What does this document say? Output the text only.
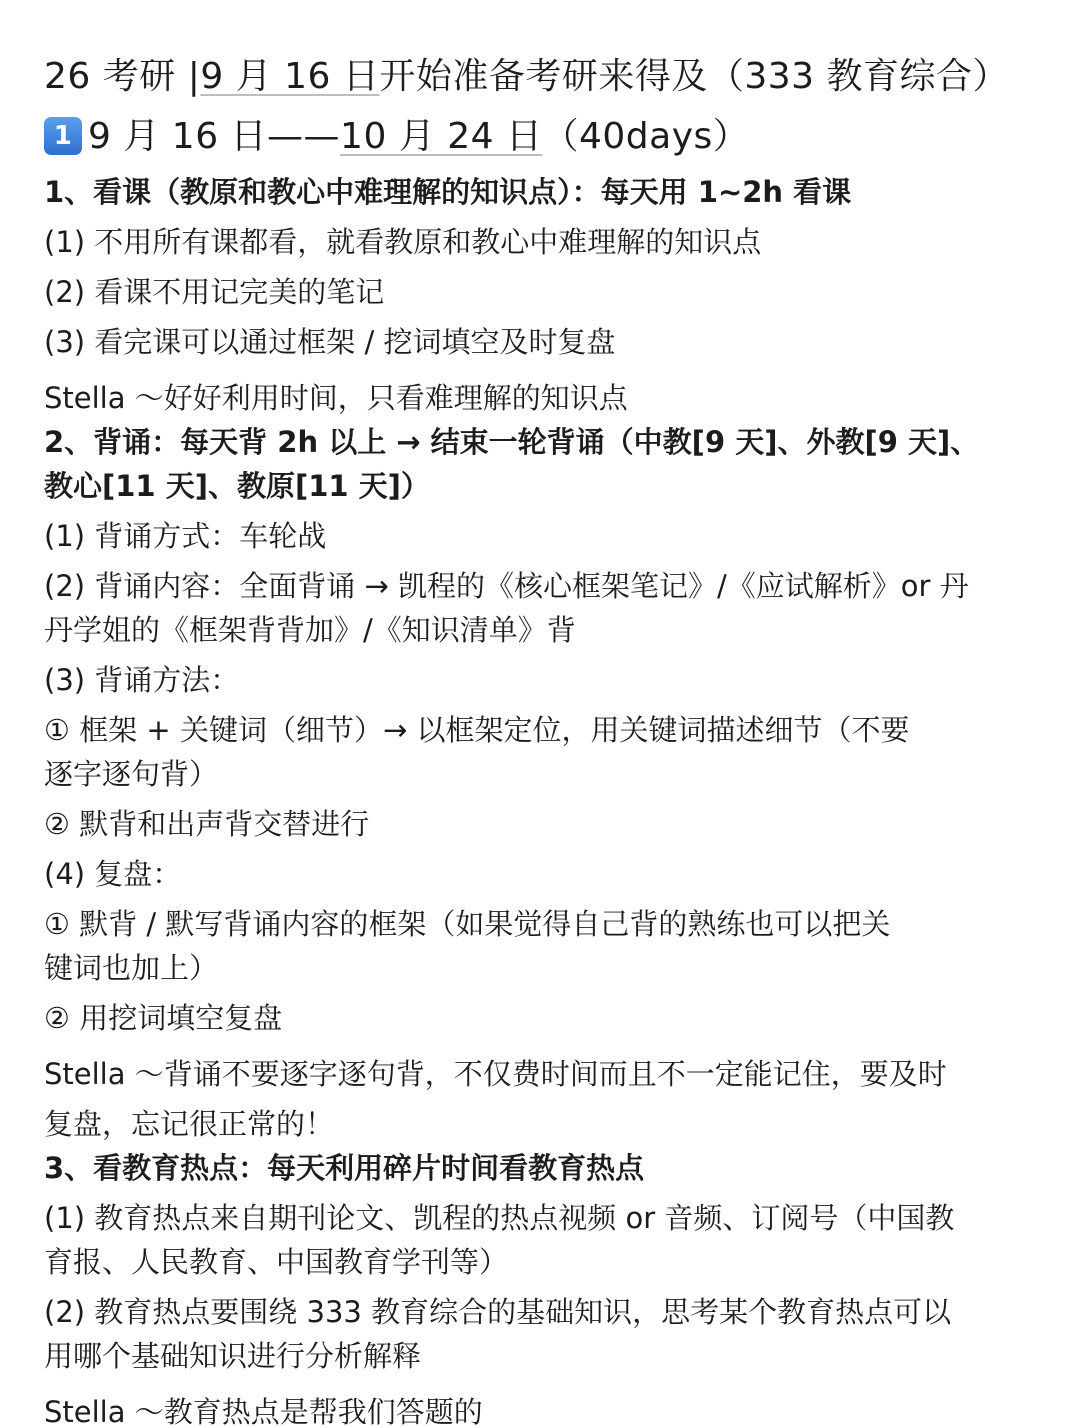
26 考研 |9 月 16 日开始准备考研来得及（333 教育综合）
1 9 月 16 日——10 月 24 日（40days）
1、看课（教原和教心中难理解的知识点）：每天用 1~2h 看课
(1) 不用所有课都看，就看教原和教心中难理解的知识点
(2) 看课不用记完美的笔记
(3) 看完课可以通过框架 / 挖词填空及时复盘
Stella ～好好利用时间，只看难理解的知识点
2、背诵：每天背 2h 以上 → 结束一轮背诵（中教[9 天]、外教[9 天]、
教心[11 天]、教原[11 天]）
(1) 背诵方式：车轮战
(2) 背诵内容：全面背诵 → 凯程的《核心框架笔记》/《应试解析》or 丹
丹学姐的《框架背背加》/《知识清单》背
(3) 背诵方法：
① 框架 + 关键词（细节）→ 以框架定位，用关键词描述细节（不要
逐字逐句背）
② 默背和出声背交替进行
(4) 复盘：
① 默背 / 默写背诵内容的框架（如果觉得自己背的熟练也可以把关
键词也加上）
② 用挖词填空复盘
Stella ～背诵不要逐字逐句背，不仅费时间而且不一定能记住，要及时
复盘，忘记很正常的！
3、看教育热点：每天利用碎片时间看教育热点
(1) 教育热点来自期刊论文、凯程的热点视频 or 音频、订阅号（中国教
育报、人民教育、中国教育学刊等）
(2) 教育热点要围绕 333 教育综合的基础知识，思考某个教育热点可以
用哪个基础知识进行分析解释
Stella ～教育热点是帮我们答题的
